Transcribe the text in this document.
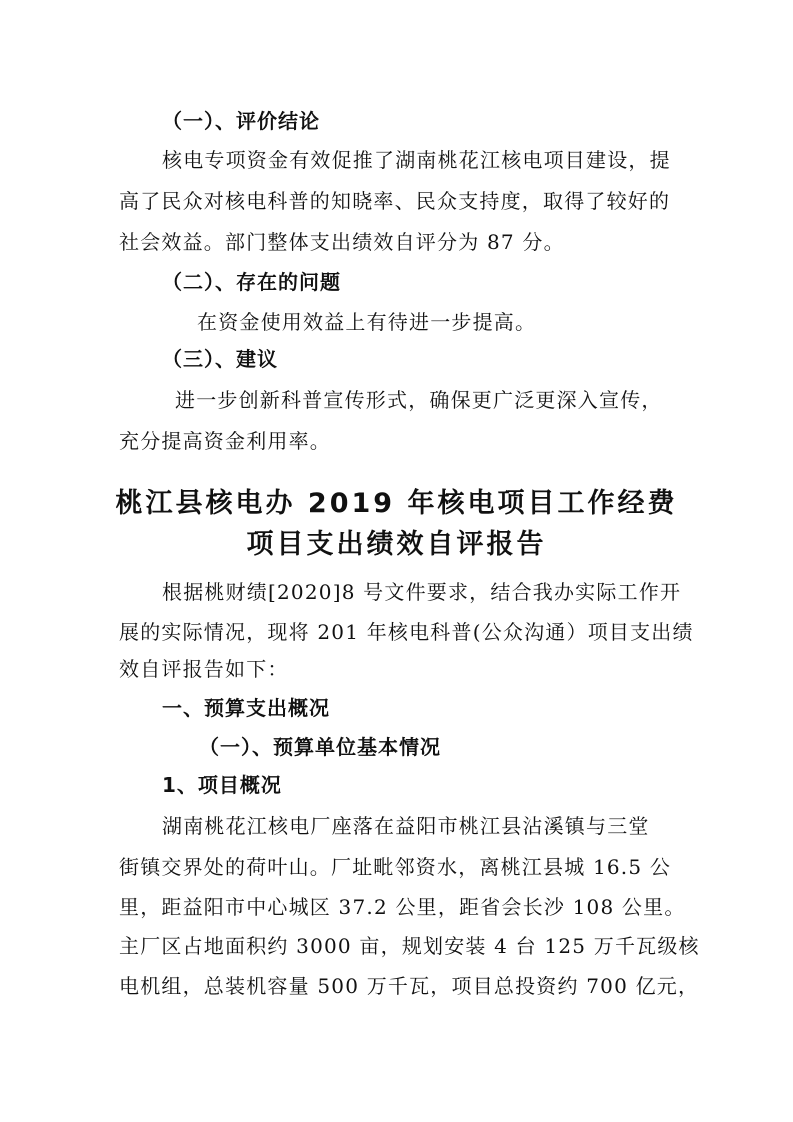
（一）、评价结论
核电专项资金有效促推了湖南桃花江核电项目建设，提
高了民众对核电科普的知晓率、民众支持度，取得了较好的
社会效益。部门整体支出绩效自评分为 87 分。
（二）、存在的问题
在资金使用效益上有待进一步提高。
（三）、建议
进一步创新科普宣传形式，确保更广泛更深入宣传，
充分提高资金利用率。
桃江县核电办 2019 年核电项目工作经费
项目支出绩效自评报告
根据桃财绩[2020]8 号文件要求，结合我办实际工作开
展的实际情况，现将 201 年核电科普(公众沟通）项目支出绩
效自评报告如下：
一、预算支出概况
（一）、预算单位基本情况
1、项目概况
湖南桃花江核电厂座落在益阳市桃江县沾溪镇与三堂
街镇交界处的荷叶山。厂址毗邻资水，离桃江县城 16.5 公
里，距益阳市中心城区 37.2 公里，距省会长沙 108 公里。
主厂区占地面积约 3000 亩，规划安装 4 台 125 万千瓦级核
电机组，总装机容量 500 万千瓦，项目总投资约 700 亿元，
